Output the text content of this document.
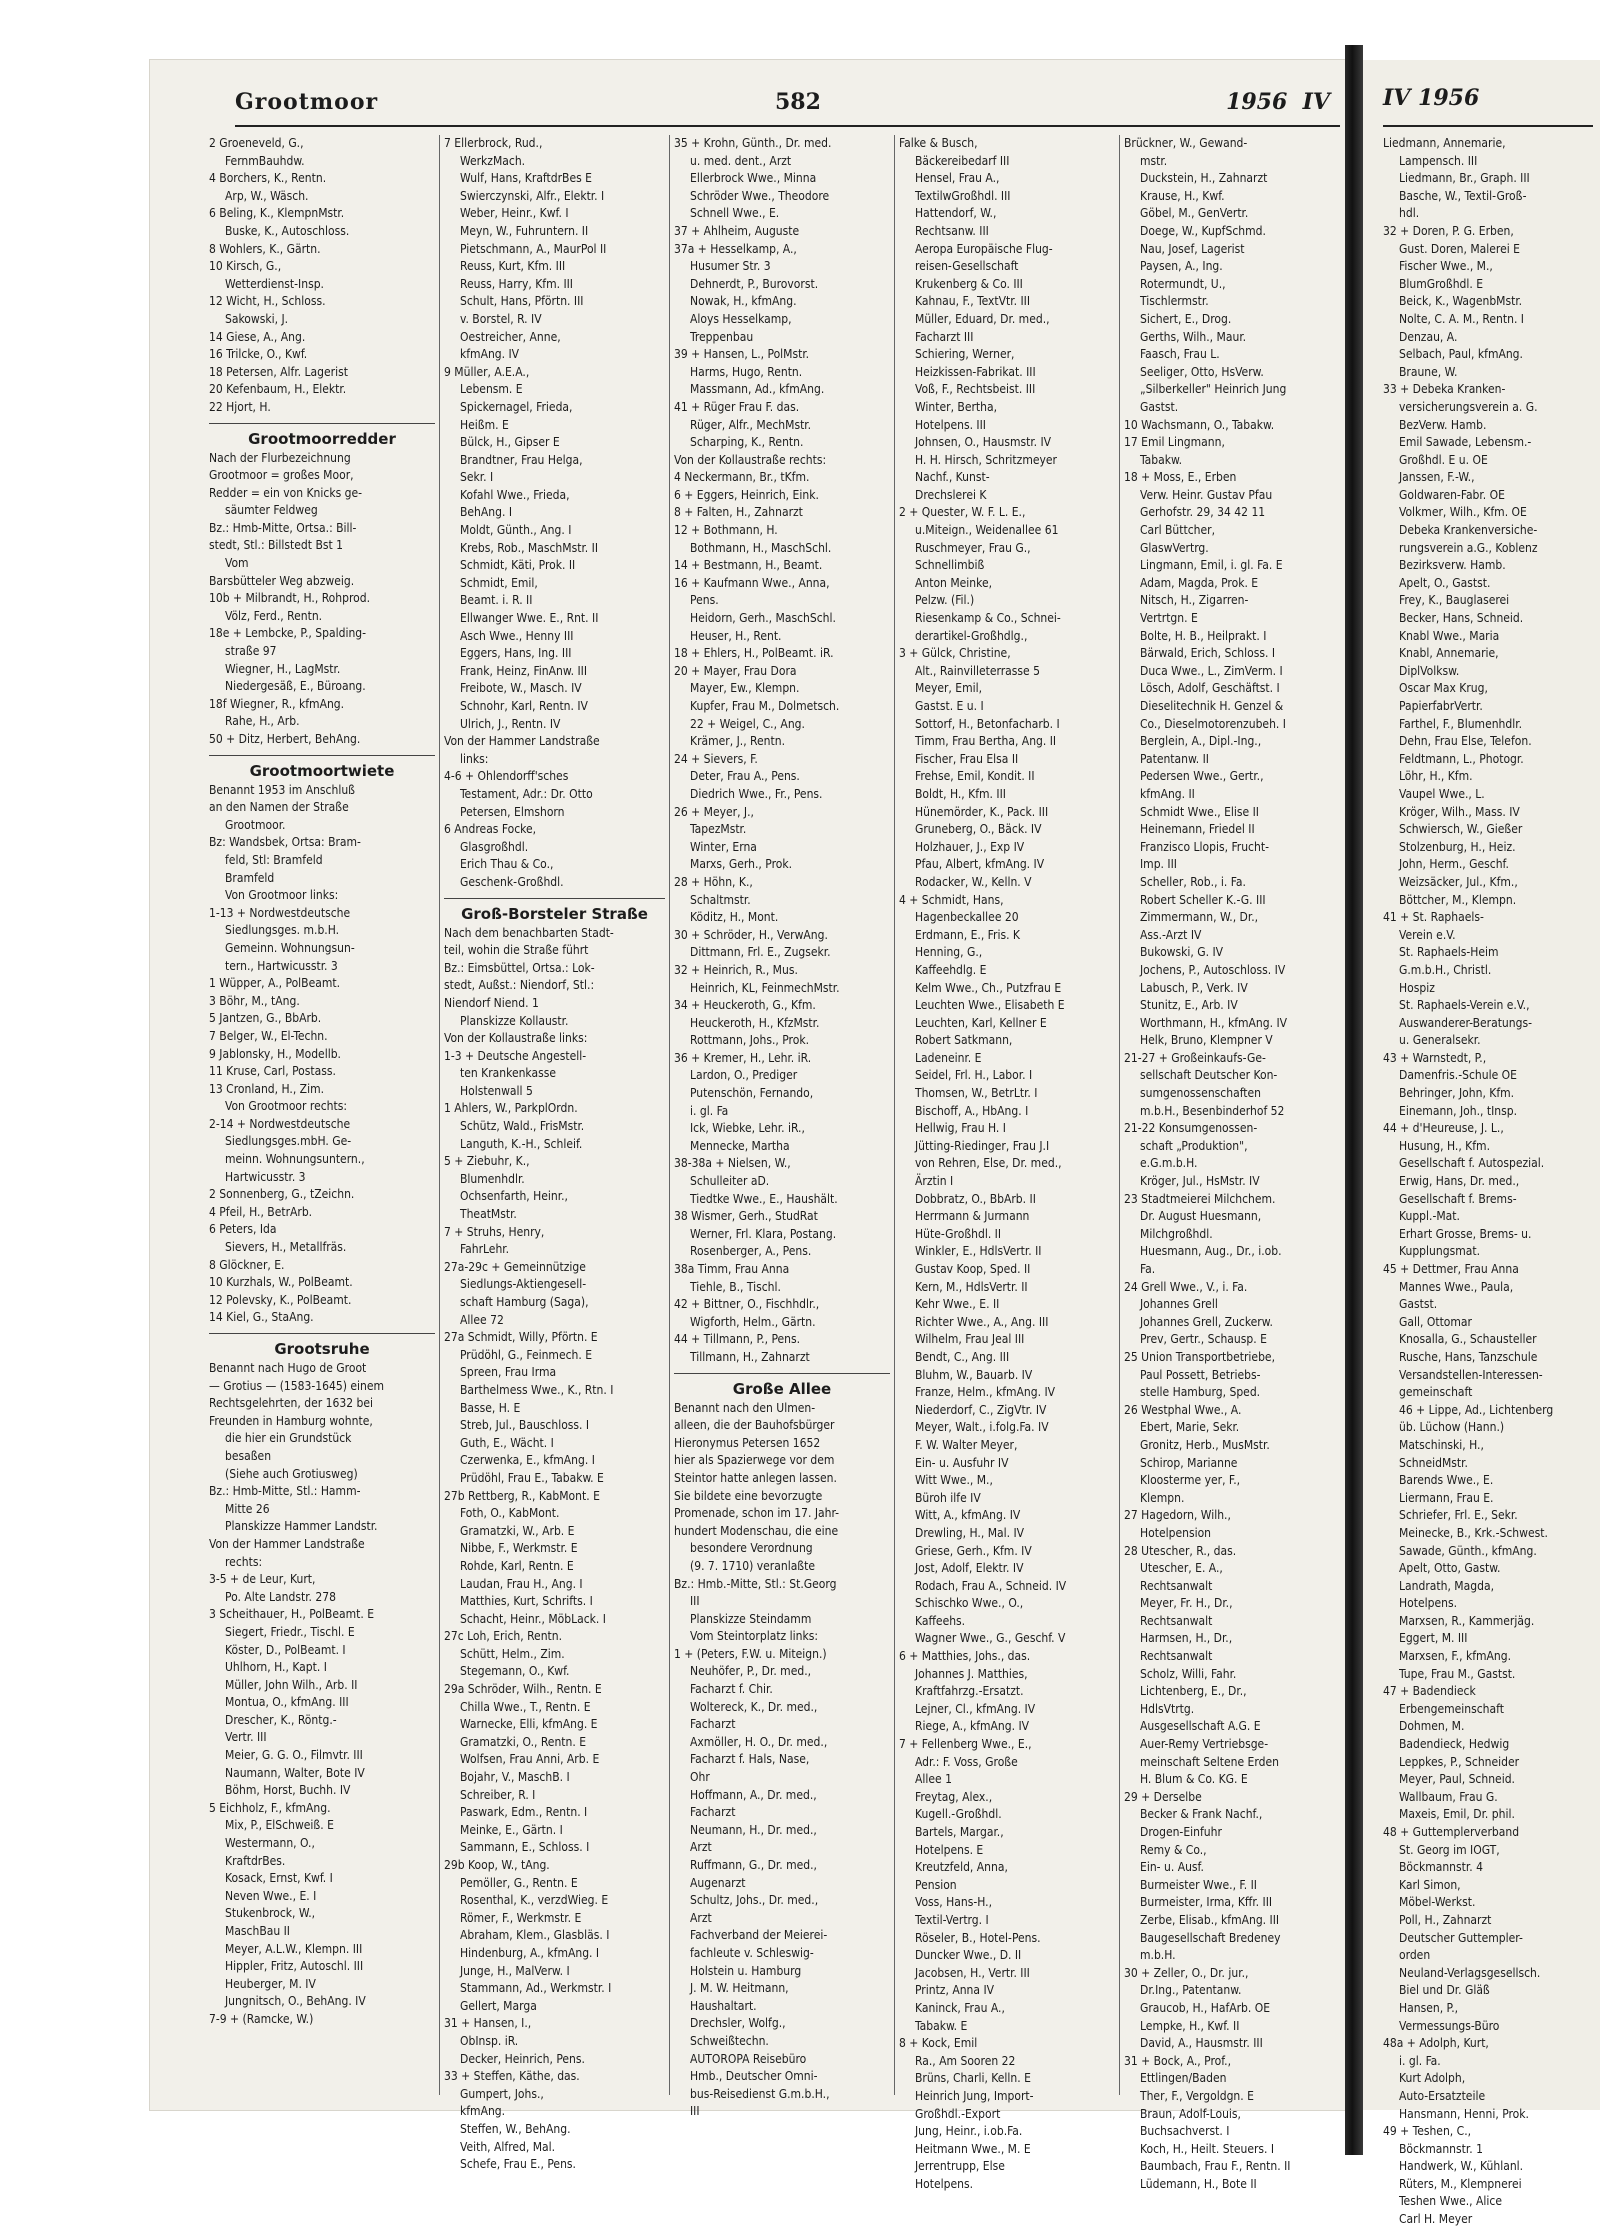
Grootmoor	582	1956 IV
2 Groeneveld, G.,
FernmBauhdw.
4 Borchers, K., Rentn.
Arp, W., Wäsch.
6 Beling, K., KlempnMstr.
Buske, K., Autoschloss.
8 Wohlers, K., Gärtn.
10 Kirsch, G.,
Wetterdienst-Insp.
12 Wicht, H., Schloss.
Sakowski, J.
14 Giese, A., Ang.
16 Trilcke, O., Kwf.
18 Petersen, Alfr. Lagerist
20 Kefenbaum, H., Elektr.
22 Hjort, H.
Grootmoorredder
Nach der Flurbezeichnung
Grootmoor = großes Moor,
Redder = ein von Knicks ge-
säumter Feldweg
Bz.: Hmb-Mitte, Ortsa.: Bill-
stedt, Stl.: Billstedt Bst 1
Vom
Barsbütteler Weg abzweig.
10b + Milbrandt, H., Rohprod.
Völz, Ferd., Rentn.
18e + Lembcke, P., Spalding-
straße 97
Wiegner, H., LagMstr.
Niedergesäß, E., Büroang.
18f Wiegner, R., kfmAng.
Rahe, H., Arb.
50 + Ditz, Herbert, BehAng.
Grootmoortwiete
Benannt 1953 im Anschluß
an den Namen der Straße
Grootmoor.
Bz: Wandsbek, Ortsa: Bram-
feld, Stl: Bramfeld
Bramfeld
Von Grootmoor links:
1-13 + Nordwestdeutsche
Siedlungsges. m.b.H.
Gemeinn. Wohnungsun-
tern., Hartwicusstr. 3
1 Wüpper, A., PolBeamt.
3 Böhr, M., tAng.
5 Jantzen, G., BbArb.
7 Belger, W., El-Techn.
9 Jablonsky, H., Modellb.
11 Kruse, Carl, Postass.
13 Cronland, H., Zim.
Von Grootmoor rechts:
2-14 + Nordwestdeutsche
Siedlungsges.mbH. Ge-
meinn. Wohnungsuntern.,
Hartwicusstr. 3
2 Sonnenberg, G., tZeichn.
4 Pfeil, H., BetrArb.
6 Peters, Ida
Sievers, H., Metallfräs.
8 Glöckner, E.
10 Kurzhals, W., PolBeamt.
12 Polevsky, K., PolBeamt.
14 Kiel, G., StaAng.
Grootsruhe
Benannt nach Hugo de Groot
— Grotius — (1583-1645) einem
Rechtsgelehrten, der 1632 bei
Freunden in Hamburg wohnte,
die hier ein Grundstück
besaßen
(Siehe auch Grotiusweg)
Bz.: Hmb-Mitte, Stl.: Hamm-
Mitte 26
Planskizze Hammer Landstr.
Von der Hammer Landstraße
rechts:
3-5 + de Leur, Kurt,
Po. Alte Landstr. 278
3 Scheithauer, H., PolBeamt. E
Siegert, Friedr., Tischl. E
Köster, D., PolBeamt. I
Uhlhorn, H., Kapt. I
Müller, John Wilh., Arb. II
Montua, O., kfmAng. III
Drescher, K., Röntg.-
Vertr. III
Meier, G. G. O., Filmvtr. III
Naumann, Walter, Bote IV
Böhm, Horst, Buchh. IV
5 Eichholz, F., kfmAng.
Mix, P., ElSchweiß. E
Westermann, O.,
KraftdrBes.
Kosack, Ernst, Kwf. I
Neven Wwe., E. I
Stukenbrock, W.,
MaschBau II
Meyer, A.L.W., Klempn. III
Hippler, Fritz, Autoschl. III
Heuberger, M. IV
Jungnitsch, O., BehAng. IV
7-9 + (Ramcke, W.)
7 Ellerbrock, Rud.,
WerkzMach.
Wulf, Hans, KraftdrBes E
Swierczynski, Alfr., Elektr. I
Weber, Heinr., Kwf. I
Meyn, W., Fuhruntern. II
Pietschmann, A., MaurPol II
Reuss, Kurt, Kfm. III
Reuss, Harry, Kfm. III
Schult, Hans, Pförtn. III
v. Borstel, R. IV
Oestreicher, Anne,
kfmAng. IV
9 Müller, A.E.A.,
Lebensm. E
Spickernagel, Frieda,
Heißm. E
Bülck, H., Gipser E
Brandtner, Frau Helga,
Sekr. I
Kofahl Wwe., Frieda,
BehAng. I
Moldt, Günth., Ang. I
Krebs, Rob., MaschMstr. II
Schmidt, Käti, Prok. II
Schmidt, Emil,
Beamt. i. R. II
Ellwanger Wwe. E., Rnt. II
Asch Wwe., Henny III
Eggers, Hans, Ing. III
Frank, Heinz, FinAnw. III
Freibote, W., Masch. IV
Schnohr, Karl, Rentn. IV
Ulrich, J., Rentn. IV
Von der Hammer Landstraße
links:
4-6 + Ohlendorff'sches
Testament, Adr.: Dr. Otto
Petersen, Elmshorn
6 Andreas Focke,
Glasgroßhdl.
Erich Thau & Co.,
Geschenk-Großhdl.
Groß-Borsteler Straße
Nach dem benachbarten Stadt-
teil, wohin die Straße führt
Bz.: Eimsbüttel, Ortsa.: Lok-
stedt, Außst.: Niendorf, Stl.:
Niendorf Niend. 1
Planskizze Kollaustr.
Von der Kollaustraße links:
1-3 + Deutsche Angestell-
ten Krankenkasse
Holstenwall 5
1 Ahlers, W., ParkplOrdn.
Schütz, Wald., FrisMstr.
Languth, K.-H., Schleif.
5 + Ziebuhr, K.,
Blumenhdlr.
Ochsenfarth, Heinr.,
TheatMstr.
7 + Struhs, Henry,
FahrLehr.
27a-29c + Gemeinnützige
Siedlungs-Aktiengesell-
schaft Hamburg (Saga),
Allee 72
27a Schmidt, Willy, Pförtn. E
Prüdöhl, G., Feinmech. E
Spreen, Frau Irma
Barthelmess Wwe., K., Rtn. I
Basse, H. E
Streb, Jul., Bauschloss. I
Guth, E., Wächt. I
Czerwenka, E., kfmAng. I
Prüdöhl, Frau E., Tabakw. E
27b Rettberg, R., KabMont. E
Foth, O., KabMont.
Gramatzki, W., Arb. E
Nibbe, F., Werkmstr. E
Rohde, Karl, Rentn. E
Laudan, Frau H., Ang. I
Matthies, Kurt, Schrifts. I
Schacht, Heinr., MöbLack. I
27c Loh, Erich, Rentn.
Schütt, Helm., Zim.
Stegemann, O., Kwf.
29a Schröder, Wilh., Rentn. E
Chilla Wwe., T., Rentn. E
Warnecke, Elli, kfmAng. E
Gramatzki, O., Rentn. E
Wolfsen, Frau Anni, Arb. E
Bojahr, V., MaschB. I
Schreiber, R. I
Paswark, Edm., Rentn. I
Meinke, E., Gärtn. I
Sammann, E., Schloss. I
29b Koop, W., tAng.
Pemöller, G., Rentn. E
Rosenthal, K., verzdWieg. E
Römer, F., Werkmstr. E
Abraham, Klem., Glasbläs. I
Hindenburg, A., kfmAng. I
Junge, H., MalVerw. I
Stammann, Ad., Werkmstr. I
Gellert, Marga
31 + Hansen, I.,
ObInsp. iR.
Decker, Heinrich, Pens.
33 + Steffen, Käthe, das.
Gumpert, Johs.,
kfmAng.
Steffen, W., BehAng.
Veith, Alfred, Mal.
Schefe, Frau E., Pens.
35 + Krohn, Günth., Dr. med.
u. med. dent., Arzt
Ellerbrock Wwe., Minna
Schröder Wwe., Theodore
Schnell Wwe., E.
37 + Ahlheim, Auguste
37a + Hesselkamp, A.,
Husumer Str. 3
Dehnerdt, P., Burovorst.
Nowak, H., kfmAng.
Aloys Hesselkamp,
Treppenbau
39 + Hansen, L., PolMstr.
Harms, Hugo, Rentn.
Massmann, Ad., kfmAng.
41 + Rüger Frau F. das.
Rüger, Alfr., MechMstr.
Scharping, K., Rentn.
Von der Kollaustraße rechts:
4 Neckermann, Br., tKfm.
6 + Eggers, Heinrich, Eink.
8 + Falten, H., Zahnarzt
12 + Bothmann, H.
Bothmann, H., MaschSchl.
14 + Bestmann, H., Beamt.
16 + Kaufmann Wwe., Anna,
Pens.
Heidorn, Gerh., MaschSchl.
Heuser, H., Rent.
18 + Ehlers, H., PolBeamt. iR.
20 + Mayer, Frau Dora
Mayer, Ew., Klempn.
Kupfer, Frau M., Dolmetsch.
22 + Weigel, C., Ang.
Krämer, J., Rentn.
24 + Sievers, F.
Deter, Frau A., Pens.
Diedrich Wwe., Fr., Pens.
26 + Meyer, J.,
TapezMstr.
Winter, Erna
Marxs, Gerh., Prok.
28 + Höhn, K.,
Schaltmstr.
Köditz, H., Mont.
30 + Schröder, H., VerwAng.
Dittmann, Frl. E., Zugsekr.
32 + Heinrich, R., Mus.
Heinrich, KL, FeinmechMstr.
34 + Heuckeroth, G., Kfm.
Heuckeroth, H., KfzMstr.
Rottmann, Johs., Prok.
36 + Kremer, H., Lehr. iR.
Lardon, O., Prediger
Putenschön, Fernando,
i. gl. Fa
Ick, Wiebke, Lehr. iR.,
Mennecke, Martha
38-38a + Nielsen, W.,
Schulleiter aD.
Tiedtke Wwe., E., Haushält.
38 Wismer, Gerh., StudRat
Werner, Frl. Klara, Postang.
Rosenberger, A., Pens.
38a Timm, Frau Anna
Tiehle, B., Tischl.
42 + Bittner, O., Fischhdlr.,
Wigforth, Helm., Gärtn.
44 + Tillmann, P., Pens.
Tillmann, H., Zahnarzt
Große Allee
Benannt nach den Ulmen-
alleen, die der Bauhofsbürger
Hieronymus Petersen 1652
hier als Spazierwege vor dem
Steintor hatte anlegen lassen.
Sie bildete eine bevorzugte
Promenade, schon im 17. Jahr-
hundert Modenschau, die eine
besondere Verordnung
(9. 7. 1710) veranlaßte
Bz.: Hmb.-Mitte, Stl.: St.Georg
III
Planskizze Steindamm
Vom Steintorplatz links:
1 + (Peters, F.W. u. Miteign.)
Neuhöfer, P., Dr. med.,
Facharzt f. Chir.
Wolterеck, K., Dr. med.,
Facharzt
Axmöller, H. O., Dr. med.,
Facharzt f. Hals, Nase,
Ohr
Hoffmann, A., Dr. med.,
Facharzt
Neumann, H., Dr. med.,
Arzt
Ruffmann, G., Dr. med.,
Augenarzt
Schultz, Johs., Dr. med.,
Arzt
Fachverband der Meierei-
fachleute v. Schleswig-
Holstein u. Hamburg
J. M. W. Heitmann,
Haushaltart.
Drechsler, Wolfg.,
Schweißtechn.
AUTOROPA Reisebüro
Hmb., Deutscher Omni-
bus-Reisedienst G.m.b.H.,
III
Falke & Busch,
Bäckereibedarf III
Hensel, Frau A.,
TextilwGroßhdl. III
Hattendorf, W.,
Rechtsanw. III
Aeropa Europäische Flug-
reisen-Gesellschaft
Krukenberg & Co. III
Kahnau, F., TextVtr. III
Müller, Eduard, Dr. med.,
Facharzt III
Schiering, Werner,
Heizkissen-Fabrikat. III
Voß, F., Rechtsbeist. III
Winter, Bertha,
Hotelpens. III
Johnsen, O., Hausmstr. IV
H. H. Hirsch, Schritzmeyer
Nachf., Kunst-
Drechslerei K
2 + Quester, W. F. L. E.,
u.Miteign., Weidenallee 61
Ruschmeyer, Frau G.,
Schnellimbiß
Anton Meinke,
Pelzw. (Fil.)
Riesenkamp & Co., Schnei-
derartikel-Großhdlg.,
3 + Gülck, Christine,
Alt., Rainvilleterrasse 5
Meyer, Emil,
Gastst. E u. I
Sottorf, H., Betonfacharb. I
Timm, Frau Bertha, Ang. II
Fischer, Frau Elsa II
Frehse, Emil, Kondit. II
Boldt, H., Kfm. III
Hünemörder, K., Pack. III
Gruneberg, O., Bäck. IV
Holzhauer, J., Exp IV
Pfau, Albert, kfmAng. IV
Rodacker, W., Kelln. V
4 + Schmidt, Hans,
Hagenbeckallee 20
Erdmann, E., Fris. K
Henning, G.,
Kaffeehdlg. E
Kelm Wwe., Ch., Putzfrau E
Leuchten Wwe., Elisabeth E
Leuchten, Karl, Kellner E
Robert Satkmann,
Ladeneinr. E
Seidel, Frl. H., Labor. I
Thomsen, W., BetrLtr. I
Bischoff, A., HbAng. I
Hellwig, Frau H. I
Jütting-Riedinger, Frau J.I
von Rehren, Else, Dr. med.,
Ärztin I
Dobbratz, O., BbArb. II
Herrmann & Jurmann
Hüte-Großhdl. II
Winkler, E., HdlsVertr. II
Gustav Koop, Sped. II
Kern, M., HdlsVertr. II
Kehr Wwe., E. II
Richter Wwe., A., Ang. III
Wilhelm, Frau Jeal III
Bendt, C., Ang. III
Bluhm, W., Bauarb. IV
Franze, Helm., kfmAng. IV
Niederdorf, C., ZigVtr. IV
Meyer, Walt., i.folg.Fa. IV
F. W. Walter Meyer,
Ein- u. Ausfuhr IV
Witt Wwe., M.,
Büroh ilfe IV
Witt, A., kfmAng. IV
Drewling, H., Mal. IV
Griese, Gerh., Kfm. IV
Jost, Adolf, Elektr. IV
Rodach, Frau A., Schneid. IV
Schischko Wwe., O.,
Kaffeehs.
Wagner Wwe., G., Geschf. V
6 + Matthies, Johs., das.
Johannes J. Matthies,
Kraftfahrzg.-Ersatzt.
Lejner, Cl., kfmAng. IV
Riege, A., kfmAng. IV
7 + Fellenberg Wwe., E.,
Adr.: F. Voss, Große
Allee 1
Freytag, Alex.,
Kugell.-Großhdl.
Bartels, Margar.,
Hotelpens. E
Kreutzfeld, Anna,
Pension
Voss, Hans-H.,
Textil-Vertrg. I
Röseler, B., Hotel-Pens.
Duncker Wwe., D. II
Jacobsen, H., Vertr. III
Printz, Anna IV
Kaninck, Frau A.,
Tabakw. E
8 + Kock, Emil
Ra., Am Sooren 22
Brüns, Charli, Kelln. E
Heinrich Jung, Import-
Großhdl.-Export
Jung, Heinr., i.ob.Fa.
Heitmann Wwe., M. E
Jerrentrupp, Else
Hotelpens.
Brückner, W., Gewand-
mstr.
Duckstein, H., Zahnarzt
Krause, H., Kwf.
Göbel, M., GenVertr.
Doege, W., KupfSchmd.
Nau, Josef, Lagerist
Paysen, A., Ing.
Rotermundt, U.,
Tischlermstr.
Sichert, E., Drog.
Gerths, Wilh., Maur.
Faasch, Frau L.
Seeliger, Otto, HsVerw.
„Silberkeller" Heinrich Jung
Gastst.
10 Wachsmann, O., Tabakw.
17 Emil Lingmann,
Tabakw.
18 + Moss, E., Erben
Verw. Heinr. Gustav Pfau
Gerhofstr. 29, 34 42 11
Carl Büttcher,
GlaswVertrg.
Lingmann, Emil, i. gl. Fa. E
Adam, Magda, Prok. E
Nitsch, H., Zigarren-
Vertrtgn. E
Bolte, H. B., Heilprakt. I
Bärwald, Erich, Schloss. I
Duca Wwe., L., ZimVerm. I
Lösch, Adolf, Geschäftst. I
Dieselitechnik H. Genzel &
Co., Dieselmotorenzubeh. I
Berglein, A., Dipl.-Ing.,
Patentanw. II
Pedersen Wwe., Gertr.,
kfmAng. II
Schmidt Wwe., Elise II
Heinemann, Friedel II
Franzisco Llopis, Frucht-
Imp. III
Scheller, Rob., i. Fa.
Robert Scheller K.-G. III
Zimmermann, W., Dr.,
Ass.-Arzt IV
Bukowski, G. IV
Jochens, P., Autoschloss. IV
Labusch, P., Verk. IV
Stunitz, E., Arb. IV
Worthmann, H., kfmAng. IV
Helk, Bruno, Klempner V
21-27 + Großeinkaufs-Ge-
sellschaft Deutscher Kon-
sumgenossenschaften
m.b.H., Besenbinderhof 52
21-22 Konsumgenossen-
schaft „Produktion",
e.G.m.b.H.
Kröger, Jul., HsMstr. IV
23 Stadtmeierei Milchchem.
Dr. August Huesmann,
Milchgroßhdl.
Huesmann, Aug., Dr., i.ob.
Fa.
24 Grell Wwe., V., i. Fa.
Johannes Grell
Johannes Grell, Zuckerw.
Prev, Gertr., Schausp. E
25 Union Transportbetriebe,
Paul Possett, Betriebs-
stelle Hamburg, Sped.
26 Westphal Wwe., A.
Ebert, Marie, Sekr.
Gronitz, Herb., MusMstr.
Schirop, Marianne
Kloosterme yer, F.,
Klempn.
27 Hagedorn, Wilh.,
Hotelpension
28 Utescher, R., das.
Utescher, E. A.,
Rechtsanwalt
Meyer, Fr. H., Dr.,
Rechtsanwalt
Harmsen, H., Dr.,
Rechtsanwalt
Scholz, Willi, Fahr.
Lichtenberg, E., Dr.,
HdlsVtrtg.
Ausgesellschaft A.G. E
Auer-Remy Vertriebsge-
meinschaft Seltene Erden
H. Blum & Co. KG. E
29 + Derselbe
Becker & Frank Nachf.,
Drogen-Einfuhr
Remy & Co.,
Ein- u. Ausf.
Burmeister Wwe., F. II
Burmeister, Irma, Kffr. III
Zerbe, Elisab., kfmAng. III
Baugesellschaft Bredeney
m.b.H.
30 + Zeller, O., Dr. jur.,
Dr.Ing., Patentanw.
Graucob, H., HafArb. OE
Lempke, H., Kwf. II
David, A., Hausmstr. III
31 + Bock, A., Prof.,
Ettlingen/Baden
Ther, F., Vergoldgn. E
Braun, Adolf-Louis,
Buchsachverst. I
Koch, H., Heilt. Steuers. I
Baumbach, Frau F., Rentn. II
Lüdemann, H., Bote II
IV 1956
Liedmann, Annemarie,
Lampensch. III
Liedmann, Br., Graph. III
Basche, W., Textil-Groß-
hdl.
32 + Doren, P. G. Erben,
Gust. Doren, Malerei E
Fischer Wwe., M.,
BlumGroßhdl. E
Beick, K., WagenbMstr.
Nolte, C. A. M., Rentn. I
Denzau, A.
Selbach, Paul, kfmAng.
Braune, W.
33 + Debeka Kranken-
versicherungsverein a. G.
BezVerw. Hamb.
Emil Sawade, Lebensm.-
Großhdl. E u. OE
Janssen, F.-W.,
Goldwaren-Fabr. OE
Volkmer, Wilh., Kfm. OE
Debeka Krankenversiche-
rungsverein a.G., Koblenz
Bezirksverw. Hamb.
Apelt, O., Gastst.
Frey, K., Bauglaserei
Becker, Hans, Schneid.
Knabl Wwe., Maria
Knabl, Annemarie,
DiplVolksw.
Oscar Max Krug,
PapierfabrVertr.
Farthel, F., Blumenhdlr.
Dehn, Frau Else, Telefon.
Feldtmann, L., Photogr.
Löhr, H., Kfm.
Vaupel Wwe., L.
Kröger, Wilh., Mass. IV
Schwiersch, W., Gießer
Stolzenburg, H., Heiz.
John, Herm., Geschf.
Weizsäcker, Jul., Kfm.,
Böttcher, M., Klempn.
41 + St. Raphaels-
Verein e.V.
St. Raphaels-Heim
G.m.b.H., Christl.
Hospiz
St. Raphaels-Verein e.V.,
Auswanderer-Beratungs-
u. Generalsekr.
43 + Warnstedt, P.,
Damenfris.-Schule OE
Behringer, John, Kfm.
Einemann, Joh., tInsp.
44 + d'Heureuse, J. L.,
Husung, H., Kfm.
Gesellschaft f. Autospezial.
Erwig, Hans, Dr. med.,
Gesellschaft f. Brems-
Kuppl.-Mat.
Erhart Grosse, Brems- u.
Kupplungsmat.
45 + Dettmer, Frau Anna
Mannes Wwe., Paula,
Gastst.
Gall, Ottomar
Knosalla, G., Schausteller
Rusche, Hans, Tanzschule
Versandstellen-Interessen-
gemeinschaft
46 + Lippe, Ad., Lichtenberg
üb. Lüchow (Hann.)
Matschinski, H.,
SchneidMstr.
Barends Wwe., E.
Liermann, Frau E.
Schriefer, Frl. E., Sekr.
Meinecke, B., Krk.-Schwest.
Sawade, Günth., kfmAng.
Apelt, Otto, Gastw.
Landrath, Magda,
Hotelpens.
Marxsen, R., Kammerjäg.
Eggert, M. III
Marxsen, F., kfmAng.
Tupe, Frau M., Gastst.
47 + Badendieck
Erbengemeinschaft
Dohmen, M.
Badendieck, Hedwig
Leppkes, P., Schneider
Meyer, Paul, Schneid.
Wallbaum, Frau G.
Maxeis, Emil, Dr. phil.
48 + Guttemplerverband
St. Georg im IOGT,
Böckmannstr. 4
Karl Simon,
Möbel-Werkst.
Poll, H., Zahnarzt
Deutscher Guttempler-
orden
Neuland-Verlagsgesellsch.
Biel und Dr. Gläß
Hansen, P.,
Vermessungs-Büro
48a + Adolph, Kurt,
i. gl. Fa.
Kurt Adolph,
Auto-Ersatzteile
Hansmann, Henni, Prok.
49 + Teshen, C.,
Böckmannstr. 1
Handwerk, W., Kühlanl.
Rüters, M., Klempnerei
Teshen Wwe., Alice
Carl H. Meyer
